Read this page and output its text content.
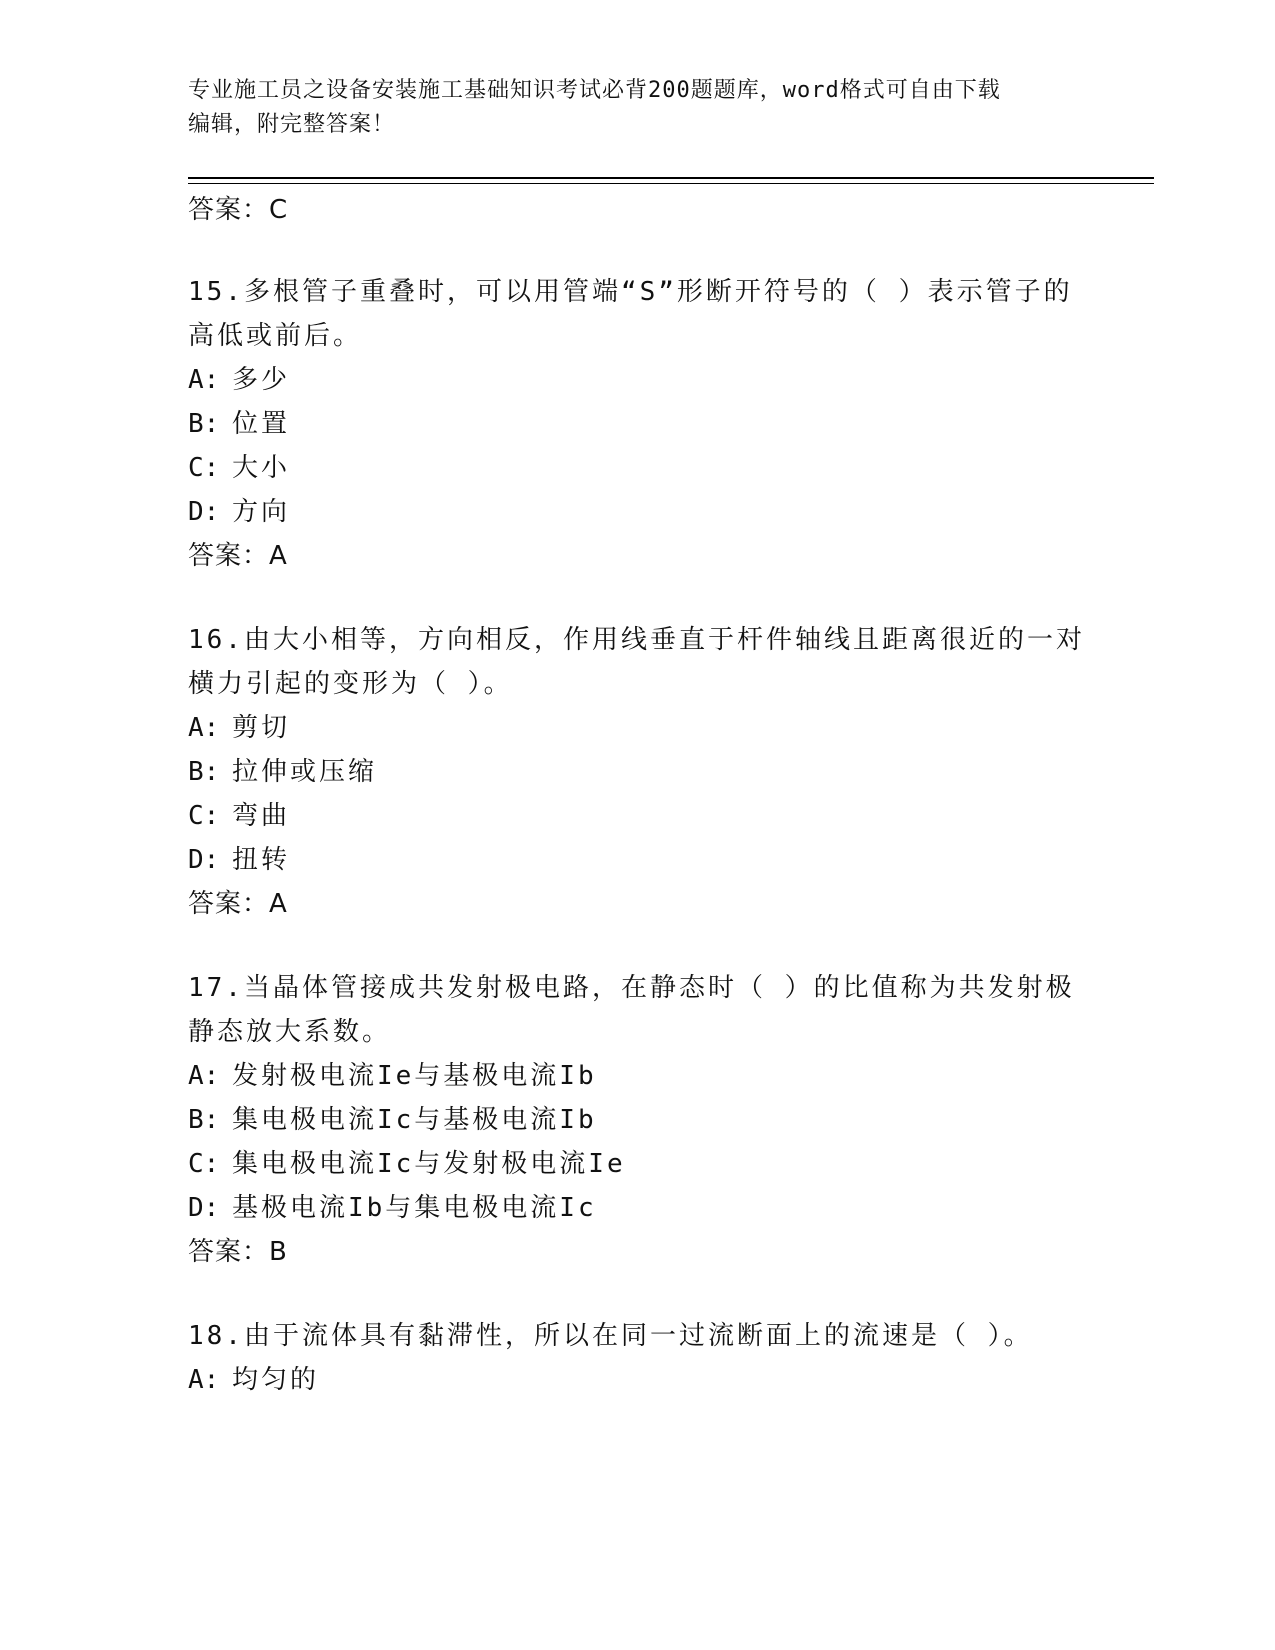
专业施工员之设备安装施工基础知识考试必背200题题库，word格式可自由下载
编辑，附完整答案！
答案：C
15.多根管子重叠时，可以用管端“S”形断开符号的（ ）表示管子的
高低或前后。
A: 多少
B: 位置
C: 大小
D: 方向
答案：A
16.由大小相等，方向相反，作用线垂直于杆件轴线且距离很近的一对
横力引起的变形为（ ）。
A: 剪切
B: 拉伸或压缩
C: 弯曲
D: 扭转
答案：A
17.当晶体管接成共发射极电路，在静态时（ ）的比值称为共发射极
静态放大系数。
A: 发射极电流Ie与基极电流Ib
B: 集电极电流Ic与基极电流Ib
C: 集电极电流Ic与发射极电流Ie
D: 基极电流Ib与集电极电流Ic
答案：B
18.由于流体具有黏滞性，所以在同一过流断面上的流速是（ ）。
A: 均匀的
